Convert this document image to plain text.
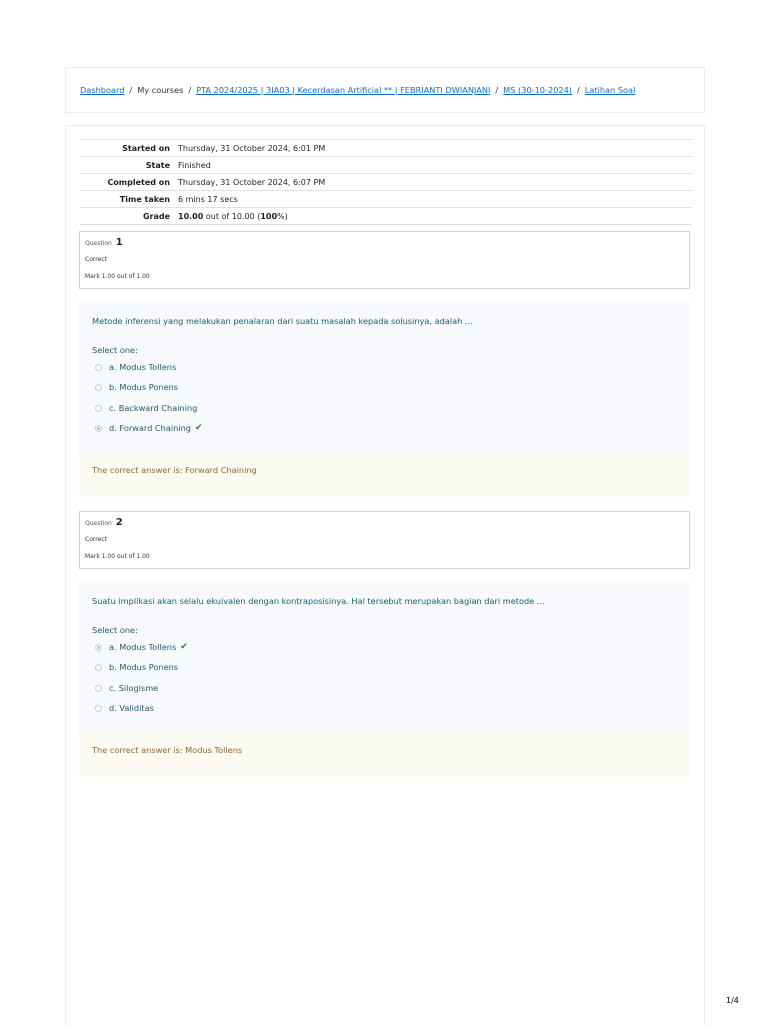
Dashboard / My courses / PTA 2024/2025 | 3IA03 | Kecerdasan Artificial ** | FEBRIANTI DWIANJANI / MS (30-10-2024) / Latihan Soal
Started on	Thursday, 31 October 2024, 6:01 PM
State	Finished
Completed on	Thursday, 31 October 2024, 6:07 PM
Time taken	6 mins 17 secs
Grade	10.00 out of 10.00 (100%)
Question 1
Correct
Mark 1.00 out of 1.00
Metode inferensi yang melakukan penalaran dari suatu masalah kepada solusinya, adalah ...
Select one:
a. Modus Tollens
b. Modus Ponens
c. Backward Chaining
d. Forward Chaining ✔
The correct answer is: Forward Chaining
Question 2
Correct
Mark 1.00 out of 1.00
Suatu implikasi akan selalu ekuivalen dengan kontraposisinya. Hal tersebut merupakan bagian dari metode ...
Select one:
a. Modus Tollens ✔
b. Modus Ponens
c. Silogisme
d. Validitas
The correct answer is: Modus Tollens
1/4
